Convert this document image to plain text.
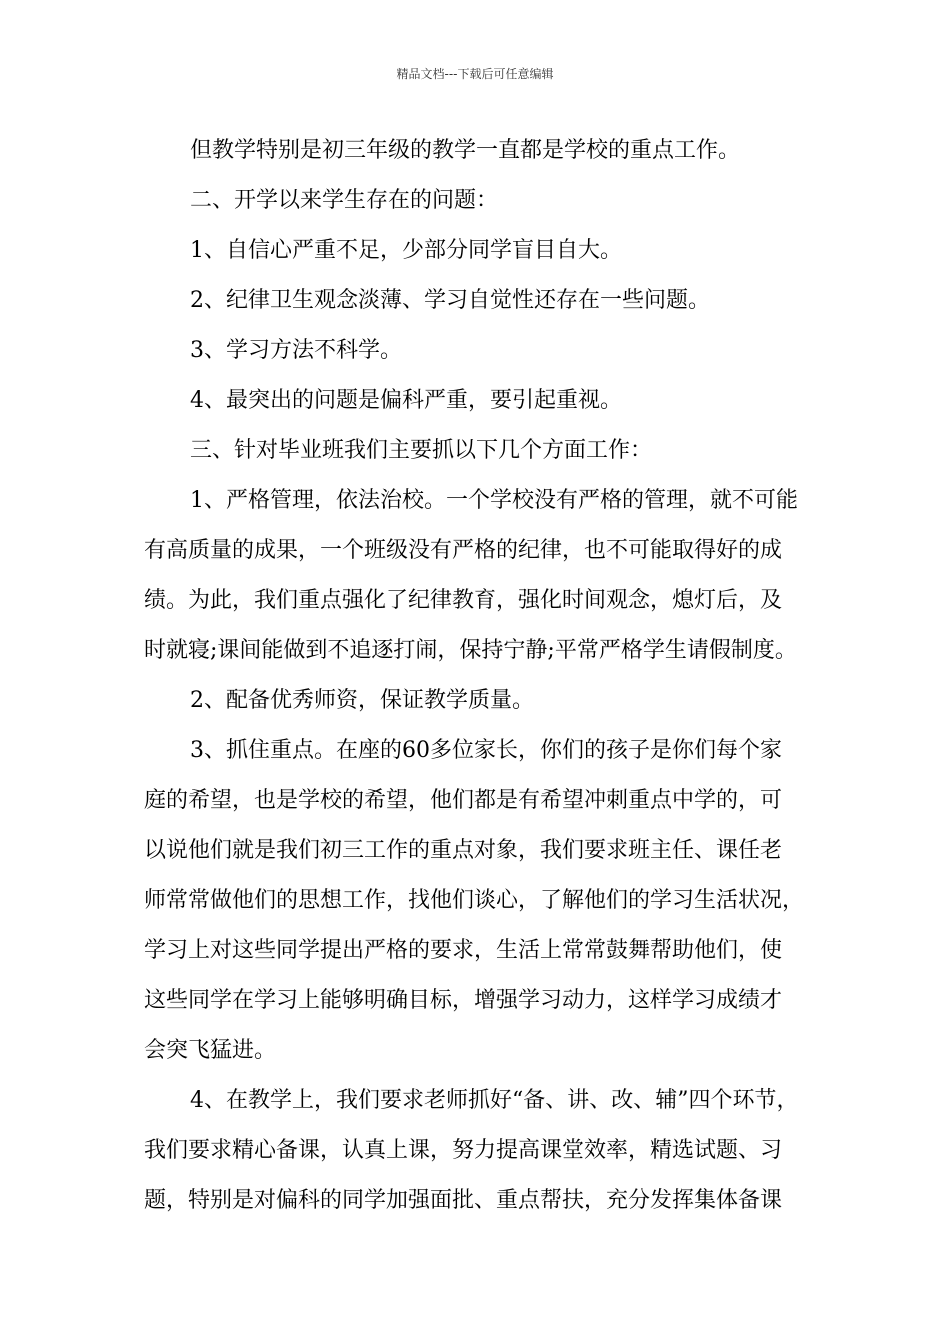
精品文档---下载后可任意编辑
但教学特别是初三年级的教学一直都是学校的重点工作。
二、开学以来学生存在的问题：
1、自信心严重不足，少部分同学盲目自大。
2、纪律卫生观念淡薄、学习自觉性还存在一些问题。
3、学习方法不科学。
4、最突出的问题是偏科严重，要引起重视。
三、针对毕业班我们主要抓以下几个方面工作：
1、严格管理，依法治校。一个学校没有严格的管理，就不可能
有高质量的成果，一个班级没有严格的纪律，也不可能取得好的成
绩。为此，我们重点强化了纪律教育，强化时间观念，熄灯后，及
时就寝;课间能做到不追逐打闹，保持宁静;平常严格学生请假制度。
2、配备优秀师资，保证教学质量。
3、抓住重点。在座的60多位家长，你们的孩子是你们每个家
庭的希望，也是学校的希望，他们都是有希望冲刺重点中学的，可
以说他们就是我们初三工作的重点对象，我们要求班主任、课任老
师常常做他们的思想工作，找他们谈心，了解他们的学习生活状况，
学习上对这些同学提出严格的要求，生活上常常鼓舞帮助他们，使
这些同学在学习上能够明确目标，增强学习动力，这样学习成绩才
会突飞猛进。
4、在教学上，我们要求老师抓好“备、讲、改、辅”四个环节，
我们要求精心备课，认真上课，努力提高课堂效率，精选试题、习
题，特别是对偏科的同学加强面批、重点帮扶，充分发挥集体备课
